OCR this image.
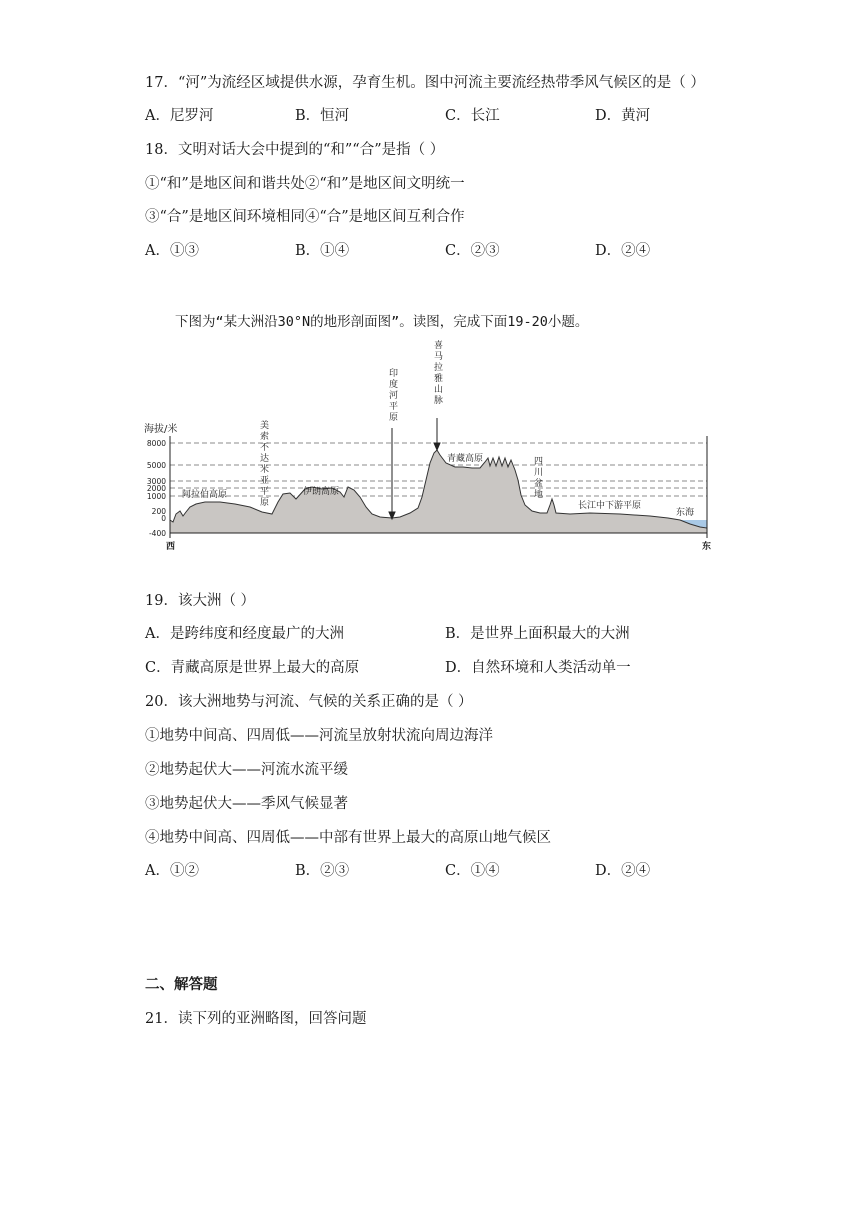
17．“河”为流经区域提供水源，孕育生机。图中河流主要流经热带季风气候区的是（ ）
A．尼罗河	B．恒河	C．长江	D．黄河
18．文明对话大会中提到的“和”“合”是指（ ）
①“和”是地区间和谐共处②“和”是地区间文明统一
③“合”是地区间环境相同④“合”是地区间互利合作
A．①③	B．①④	C．②③	D．②④
下图为“某大洲沿30°N的地形剖面图”。读图，完成下面19-20小题。
海拔/米
8000
5000
3000
2000
1000
200
0
-400
西	东
阿拉伯高原	伊朗高原
青藏高原
长江中下游平原
东海
美索不达米亚平原
印度河平原	喜马拉雅山脉
四川盆地
19．该大洲（ ）
A．是跨纬度和经度最广的大洲	B．是世界上面积最大的大洲
C．青藏高原是世界上最大的高原	D．自然环境和人类活动单一
20．该大洲地势与河流、气候的关系正确的是（ ）
①地势中间高、四周低——河流呈放射状流向周边海洋
②地势起伏大——河流水流平缓
③地势起伏大——季风气候显著
④地势中间高、四周低——中部有世界上最大的高原山地气候区
A．①②	B．②③	C．①④	D．②④
二、解答题
21．读下列的亚洲略图，回答问题
